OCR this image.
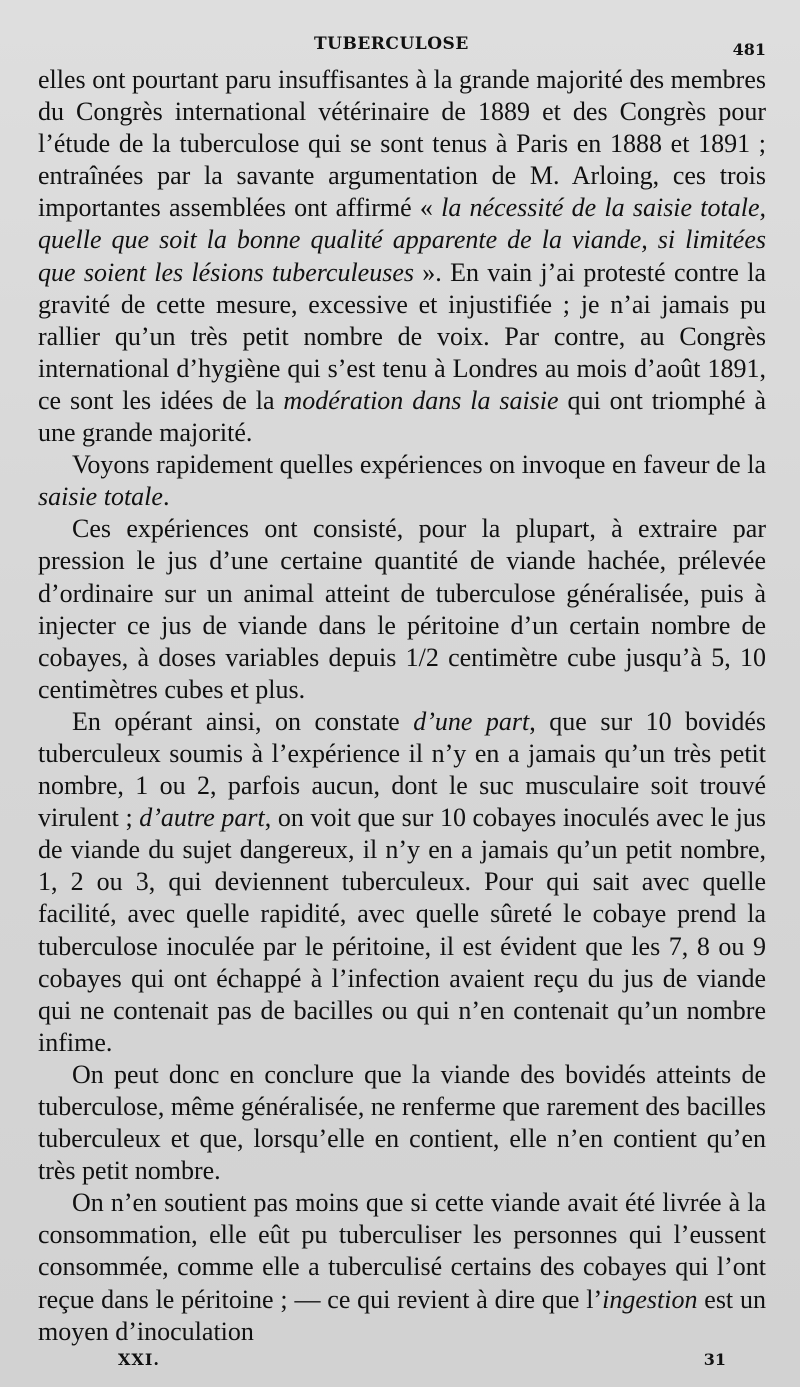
TUBERCULOSE	481

elles ont pourtant paru insuffisantes à la grande majorité des membres du Congrès international vétérinaire de 1889 et des Congrès pour l’étude de la tuberculose qui se sont tenus à Paris en 1888 et 1891 ; entraînées par la savante argumentation de M. Arloing, ces trois importantes assemblées ont affirmé « la nécessité de la saisie totale, quelle que soit la bonne qualité apparente de la viande, si limitées que soient les lésions tuberculeuses ». En vain j’ai protesté contre la gravité de cette mesure, excessive et injustifiée ; je n’ai jamais pu rallier qu’un très petit nombre de voix. Par contre, au Congrès international d’hygiène qui s’est tenu à Londres au mois d’août 1891, ce sont les idées de la modération dans la saisie qui ont triomphé à une grande majorité.

Voyons rapidement quelles expériences on invoque en faveur de la saisie totale.

Ces expériences ont consisté, pour la plupart, à extraire par pression le jus d’une certaine quantité de viande hachée, prélevée d’ordinaire sur un animal atteint de tuberculose généralisée, puis à injecter ce jus de viande dans le péritoine d’un certain nombre de cobayes, à doses variables depuis 1/2 centimètre cube jusqu’à 5, 10 centimètres cubes et plus.

En opérant ainsi, on constate d’une part, que sur 10 bovidés tuberculeux soumis à l’expérience il n’y en a jamais qu’un très petit nombre, 1 ou 2, parfois aucun, dont le suc musculaire soit trouvé virulent ; d’autre part, on voit que sur 10 cobayes inoculés avec le jus de viande du sujet dangereux, il n’y en a jamais qu’un petit nombre, 1, 2 ou 3, qui deviennent tuberculeux. Pour qui sait avec quelle facilité, avec quelle rapidité, avec quelle sûreté le cobaye prend la tuberculose inoculée par le péritoine, il est évident que les 7, 8 ou 9 cobayes qui ont échappé à l’infection avaient reçu du jus de viande qui ne contenait pas de bacilles ou qui n’en contenait qu’un nombre infime.

On peut donc en conclure que la viande des bovidés atteints de tuberculose, même généralisée, ne renferme que rarement des bacilles tuberculeux et que, lorsqu’elle en contient, elle n’en contient qu’en très petit nombre.

On n’en soutient pas moins que si cette viande avait été livrée à la consommation, elle eût pu tuberculiser les personnes qui l’eussent consommée, comme elle a tuberculisé certains des cobayes qui l’ont reçue dans le péritoine ; — ce qui revient à dire que l’ingestion est un moyen d’inoculation

XXI.	31
